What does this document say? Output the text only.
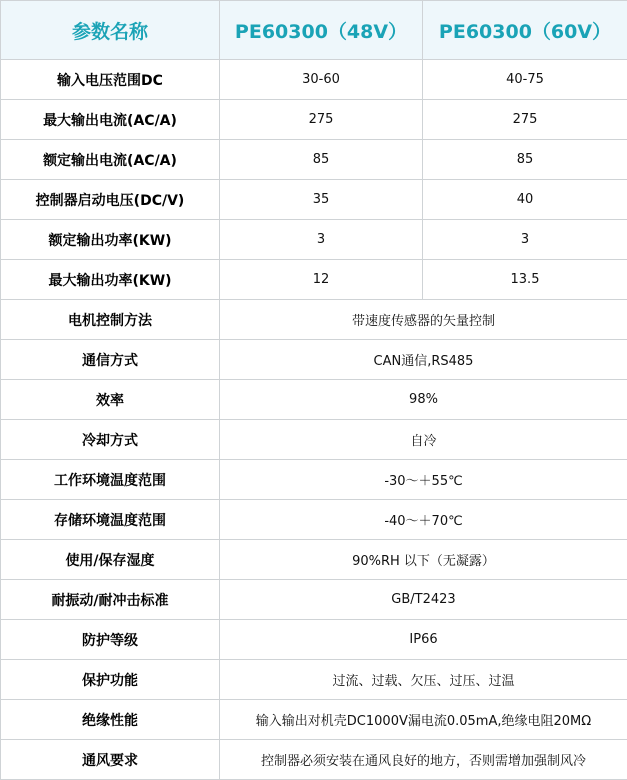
参数名称	PE60300（48V）	PE60300（60V）
输入电压范围DC	30-60	40-75
最大输出电流(AC/A)	275	275
额定输出电流(AC/A)	85	85
控制器启动电压(DC/V)	35	40
额定输出功率(KW)	3	3
最大输出功率(KW)	12	13.5
电机控制方法	带速度传感器的矢量控制	
通信方式	CAN通信,RS485	
效率	98%	
冷却方式	自冷	
工作环境温度范围	-30～＋55℃	
存储环境温度范围	-40～＋70℃	
使用/保存湿度	90%RH 以下（无凝露）	
耐振动/耐冲击标准	GB/T2423	
防护等级	IP66	
保护功能	过流、过载、欠压、过压、过温	
绝缘性能	输入输出对机壳DC1000V漏电流0.05mA,绝缘电阻20MΩ	
通风要求	控制器必须安装在通风良好的地方，否则需增加强制风冷	
